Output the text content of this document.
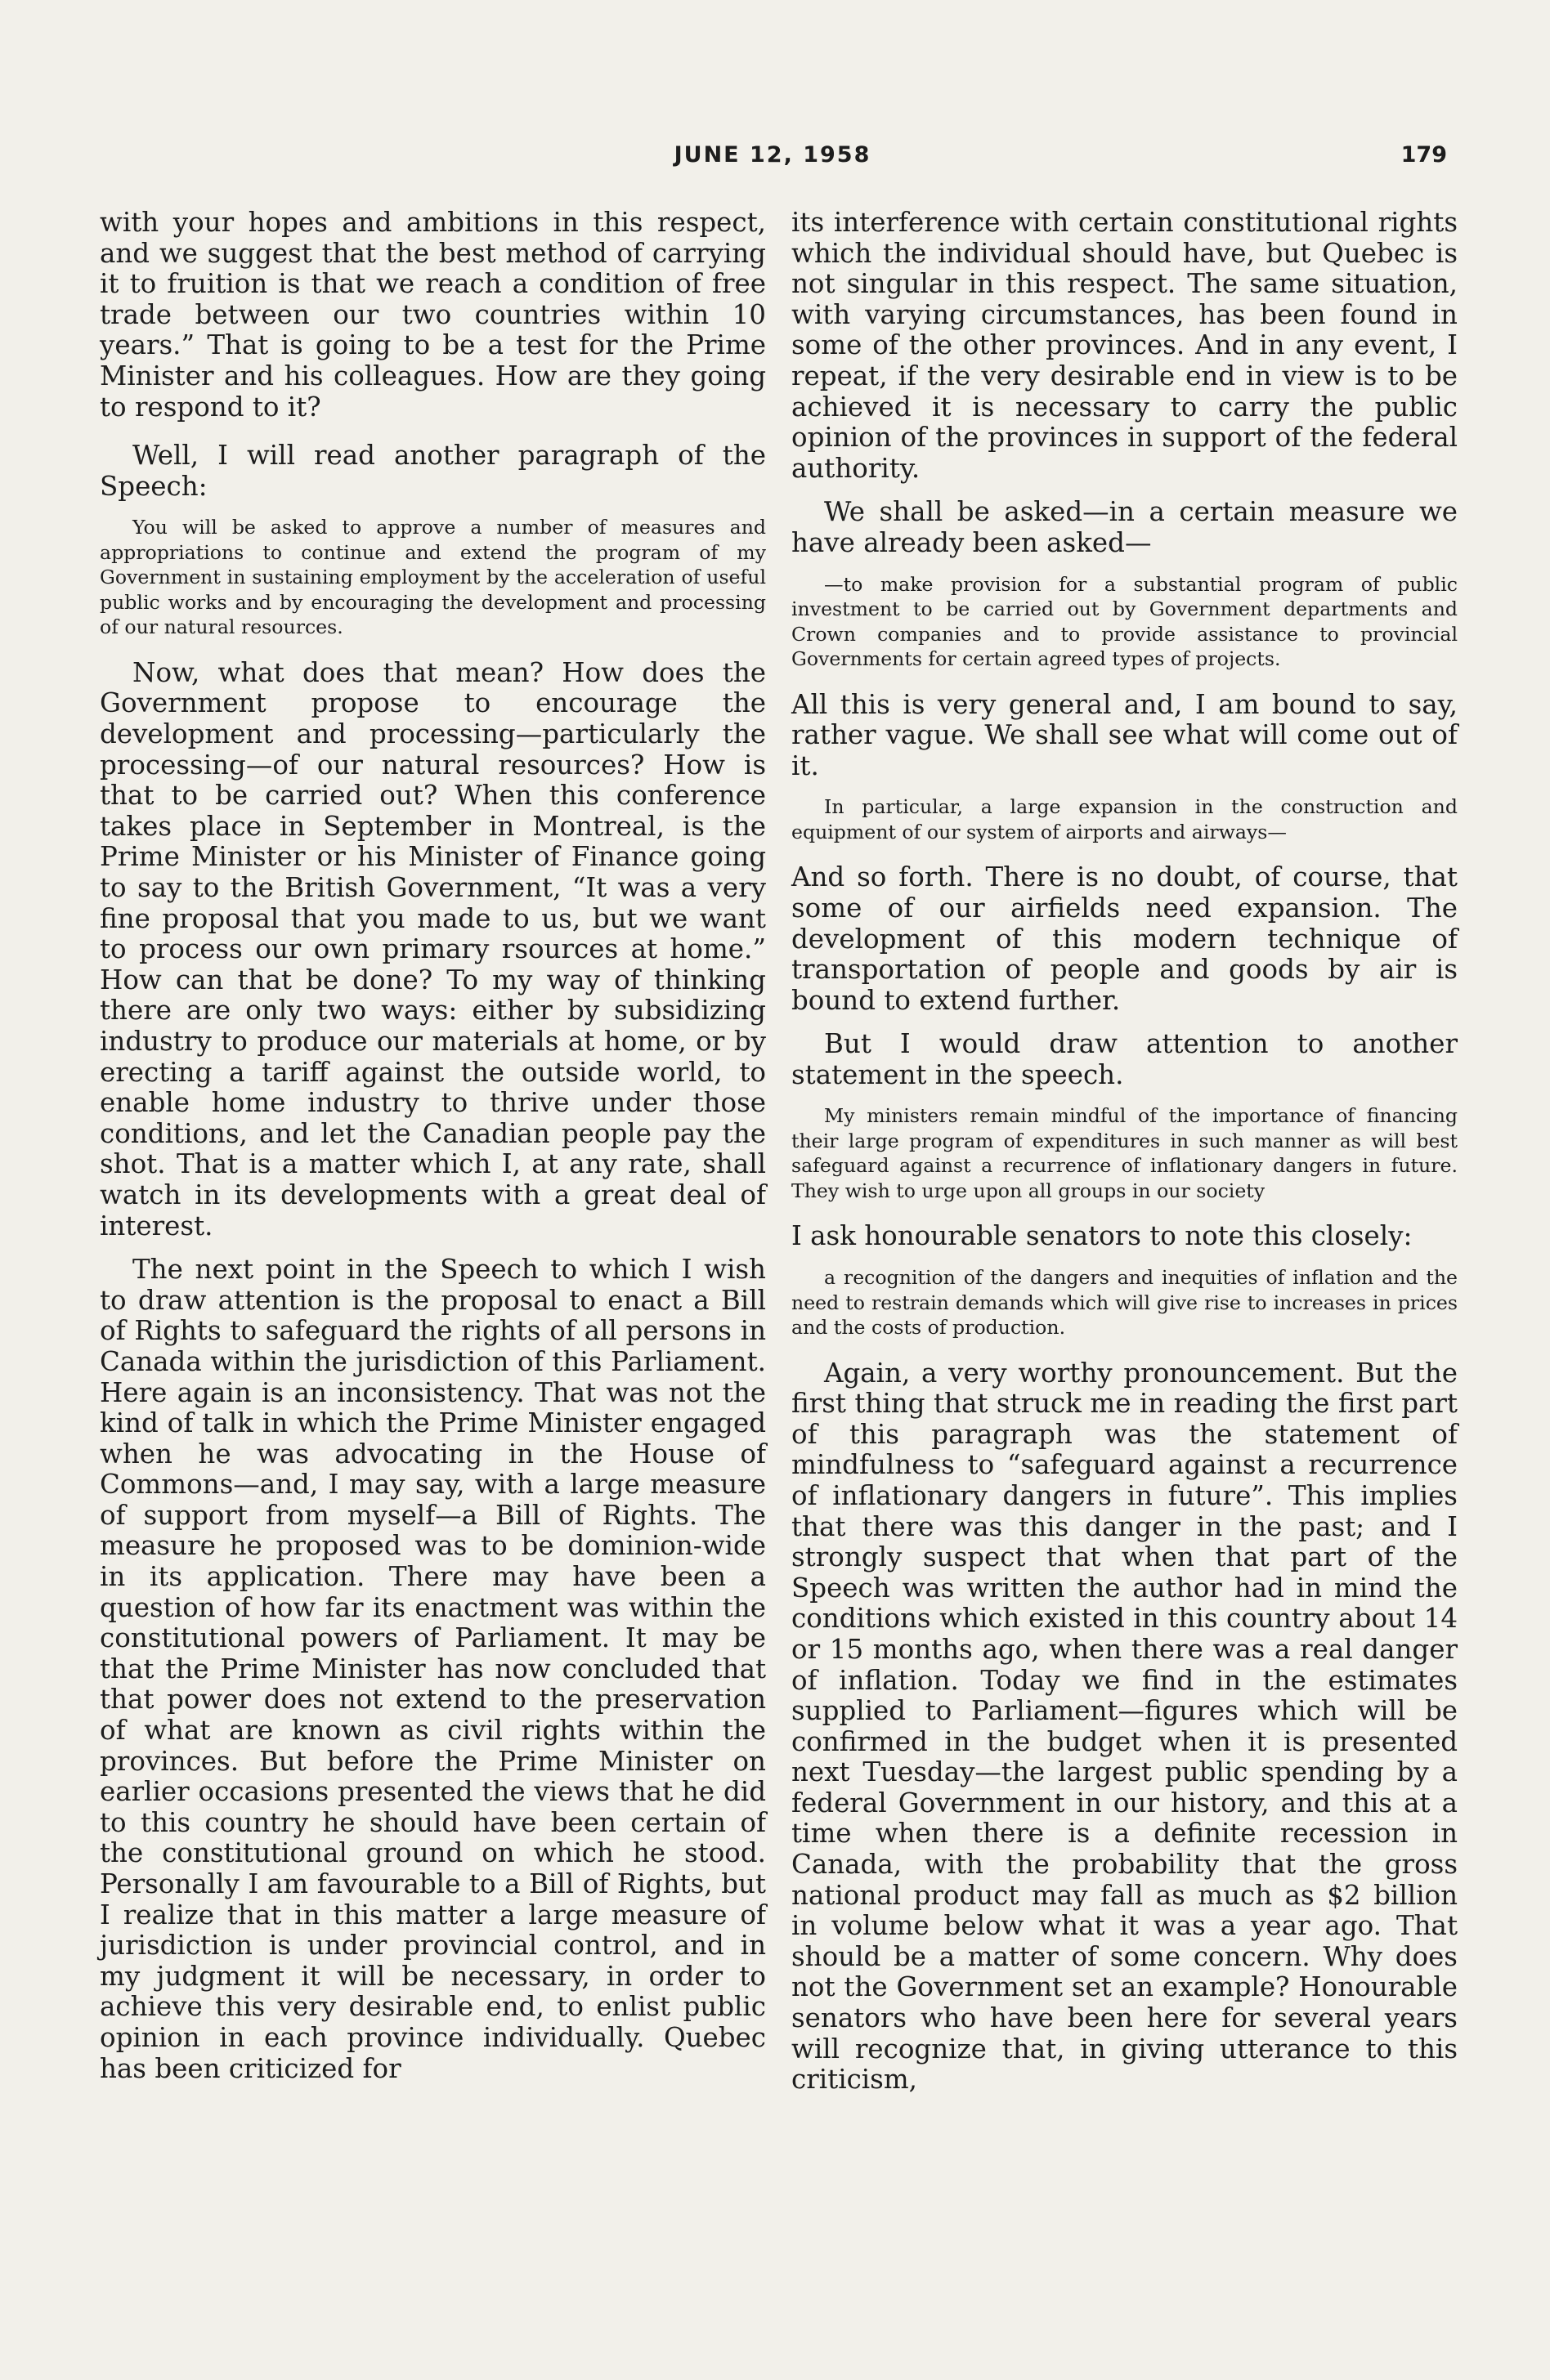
JUNE 12, 1958	179

with your hopes and ambitions in this respect, and we suggest that the best method of carrying it to fruition is that we reach a condition of free trade between our two countries within 10 years.” That is going to be a test for the Prime Minister and his colleagues. How are they going to respond to it?

Well, I will read another paragraph of the Speech:

You will be asked to approve a number of measures and appropriations to continue and extend the program of my Government in sustaining employment by the acceleration of useful public works and by encouraging the development and processing of our natural resources.

Now, what does that mean? How does the Government propose to encourage the development and processing—particularly the processing—of our natural resources? How is that to be carried out? When this conference takes place in September in Montreal, is the Prime Minister or his Minister of Finance going to say to the British Government, “It was a very fine proposal that you made to us, but we want to process our own primary rsources at home.” How can that be done? To my way of thinking there are only two ways: either by subsidizing industry to produce our materials at home, or by erecting a tariff against the outside world, to enable home industry to thrive under those conditions, and let the Canadian people pay the shot. That is a matter which I, at any rate, shall watch in its developments with a great deal of interest.

The next point in the Speech to which I wish to draw attention is the proposal to enact a Bill of Rights to safeguard the rights of all persons in Canada within the jurisdiction of this Parliament. Here again is an inconsistency. That was not the kind of talk in which the Prime Minister engaged when he was advocating in the House of Commons—and, I may say, with a large measure of support from myself—a Bill of Rights. The measure he proposed was to be dominion-wide in its application. There may have been a question of how far its enactment was within the constitutional powers of Parliament. It may be that the Prime Minister has now concluded that that power does not extend to the preservation of what are known as civil rights within the provinces. But before the Prime Minister on earlier occasions presented the views that he did to this country he should have been certain of the constitutional ground on which he stood. Personally I am favourable to a Bill of Rights, but I realize that in this matter a large measure of jurisdiction is under provincial control, and in my judgment it will be necessary, in order to achieve this very desirable end, to enlist public opinion in each province individually. Quebec has been criticized for

its interference with certain constitutional rights which the individual should have, but Quebec is not singular in this respect. The same situation, with varying circumstances, has been found in some of the other provinces. And in any event, I repeat, if the very desirable end in view is to be achieved it is necessary to carry the public opinion of the provinces in support of the federal authority.

We shall be asked—in a certain measure we have already been asked—

—to make provision for a substantial program of public investment to be carried out by Government departments and Crown companies and to provide assistance to provincial Governments for certain agreed types of projects.

All this is very general and, I am bound to say, rather vague. We shall see what will come out of it.

In particular, a large expansion in the construction and equipment of our system of airports and airways—

And so forth. There is no doubt, of course, that some of our airfields need expansion. The development of this modern technique of transportation of people and goods by air is bound to extend further.

But I would draw attention to another statement in the speech.

My ministers remain mindful of the importance of financing their large program of expenditures in such manner as will best safeguard against a recurrence of inflationary dangers in future. They wish to urge upon all groups in our society

I ask honourable senators to note this closely:

a recognition of the dangers and inequities of inflation and the need to restrain demands which will give rise to increases in prices and the costs of production.

Again, a very worthy pronouncement. But the first thing that struck me in reading the first part of this paragraph was the statement of mindfulness to “safeguard against a recurrence of inflationary dangers in future”. This implies that there was this danger in the past; and I strongly suspect that when that part of the Speech was written the author had in mind the conditions which existed in this country about 14 or 15 months ago, when there was a real danger of inflation. Today we find in the estimates supplied to Parliament—figures which will be confirmed in the budget when it is presented next Tuesday—the largest public spending by a federal Government in our history, and this at a time when there is a definite recession in Canada, with the probability that the gross national product may fall as much as $2 billion in volume below what it was a year ago. That should be a matter of some concern. Why does not the Government set an example? Honourable senators who have been here for several years will recognize that, in giving utterance to this criticism,
